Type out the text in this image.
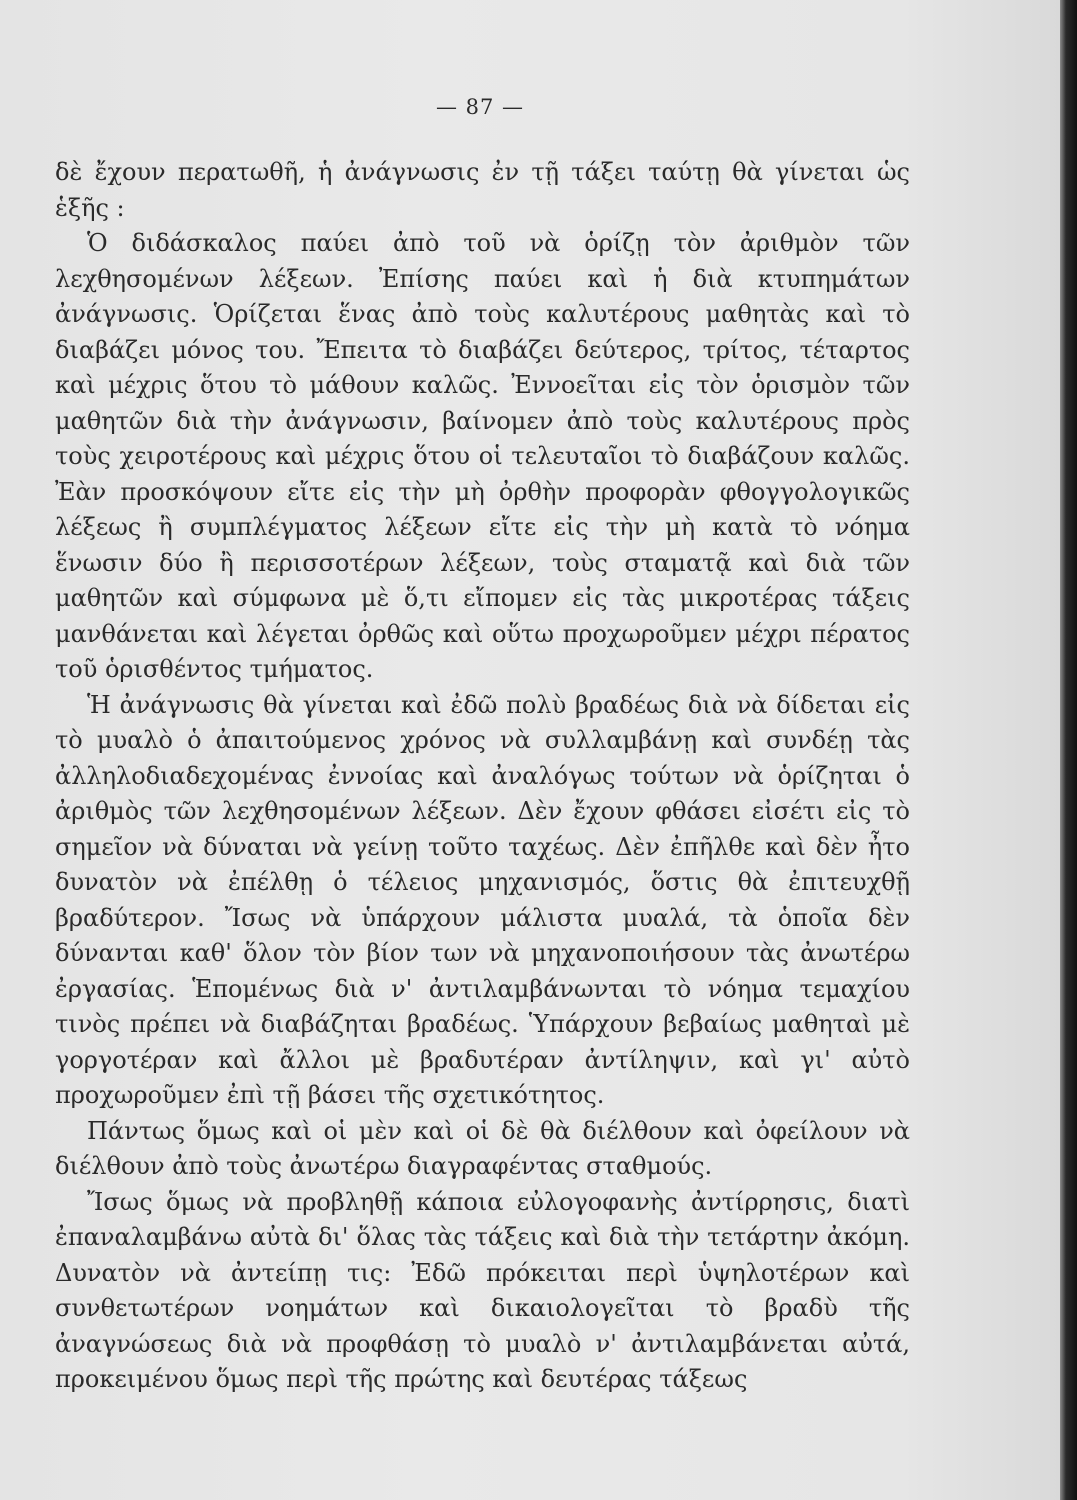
— 87 —

δὲ ἔχουν περατωθῆ, ἡ ἀνάγνωσις ἐν τῇ τάξει ταύτῃ θὰ γίνεται ὡς ἑξῆς :

Ὁ διδάσκαλος παύει ἀπὸ τοῦ νὰ ὁρίζῃ τὸν ἀριθμὸν τῶν λεχθησομένων λέξεων. Ἐπίσης παύει καὶ ἡ διὰ κτυπημάτων ἀνάγνωσις. Ὁρίζεται ἕνας ἀπὸ τοὺς καλυτέρους μαθητὰς καὶ τὸ διαβάζει μόνος του. Ἔπειτα τὸ διαβάζει δεύτερος, τρίτος, τέταρτος καὶ μέχρις ὅτου τὸ μάθουν καλῶς. Ἐννοεῖται εἰς τὸν ὁρισμὸν τῶν μαθητῶν διὰ τὴν ἀνάγνωσιν, βαίνομεν ἀπὸ τοὺς καλυτέρους πρὸς τοὺς χειροτέρους καὶ μέχρις ὅτου οἱ τελευταῖοι τὸ διαβάζουν καλῶς. Ἐὰν προσκόψουν εἴτε εἰς τὴν μὴ ὀρθὴν προφορὰν φθογγολογικῶς λέξεως ἢ συμπλέγματος λέξεων εἴτε εἰς τὴν μὴ κατὰ τὸ νόημα ἕνωσιν δύο ἢ περισσοτέρων λέξεων, τοὺς σταματᾷ καὶ διὰ τῶν μαθητῶν καὶ σύμφωνα μὲ ὅ,τι εἴπομεν εἰς τὰς μικροτέρας τάξεις μανθάνεται καὶ λέγεται ὀρθῶς καὶ οὕτω προχωροῦμεν μέχρι πέρατος τοῦ ὁρισθέντος τμήματος.

Ἡ ἀνάγνωσις θὰ γίνεται καὶ ἐδῶ πολὺ βραδέως διὰ νὰ δίδεται εἰς τὸ μυαλὸ ὁ ἀπαιτούμενος χρόνος νὰ συλλαμβάνῃ καὶ συνδέῃ τὰς ἀλληλοδιαδεχομένας ἐννοίας καὶ ἀναλόγως τούτων νὰ ὁρίζηται ὁ ἀριθμὸς τῶν λεχθησομένων λέξεων. Δὲν ἔχουν φθάσει εἰσέτι εἰς τὸ σημεῖον νὰ δύναται νὰ γείνῃ τοῦτο ταχέως. Δὲν ἐπῆλθε καὶ δὲν ἦτο δυνατὸν νὰ ἐπέλθῃ ὁ τέλειος μηχανισμός, ὅστις θὰ ἐπιτευχθῇ βραδύτερον. Ἴσως νὰ ὑπάρχουν μάλιστα μυαλά, τὰ ὁποῖα δὲν δύνανται καθ' ὅλον τὸν βίον των νὰ μηχανοποιήσουν τὰς ἀνωτέρω ἐργασίας. Ἑπομένως διὰ ν' ἀντιλαμβάνωνται τὸ νόημα τεμαχίου τινὸς πρέπει νὰ διαβάζηται βραδέως. Ὑπάρχουν βεβαίως μαθηταὶ μὲ γοργοτέραν καὶ ἄλλοι μὲ βραδυτέραν ἀντίληψιν, καὶ γι' αὐτὸ προχωροῦμεν ἐπὶ τῇ βάσει τῆς σχετικότητος.

Πάντως ὅμως καὶ οἱ μὲν καὶ οἱ δὲ θὰ διέλθουν καὶ ὀφείλουν νὰ διέλθουν ἀπὸ τοὺς ἀνωτέρω διαγραφέντας σταθμούς.

Ἴσως ὅμως νὰ προβληθῇ κάποια εὐλογοφανὴς ἀντίρρησις, διατὶ ἐπαναλαμβάνω αὐτὰ δι' ὅλας τὰς τάξεις καὶ διὰ τὴν τετάρτην ἀκόμη. Δυνατὸν νὰ ἀντείπῃ τις: Ἐδῶ πρόκειται περὶ ὑψηλοτέρων καὶ συνθετωτέρων νοημάτων καὶ δικαιολογεῖται τὸ βραδὺ τῆς ἀναγνώσεως διὰ νὰ προφθάσῃ τὸ μυαλὸ ν' ἀντιλαμβάνεται αὐτά, προκειμένου ὅμως περὶ τῆς πρώτης καὶ δευτέρας τάξεως
